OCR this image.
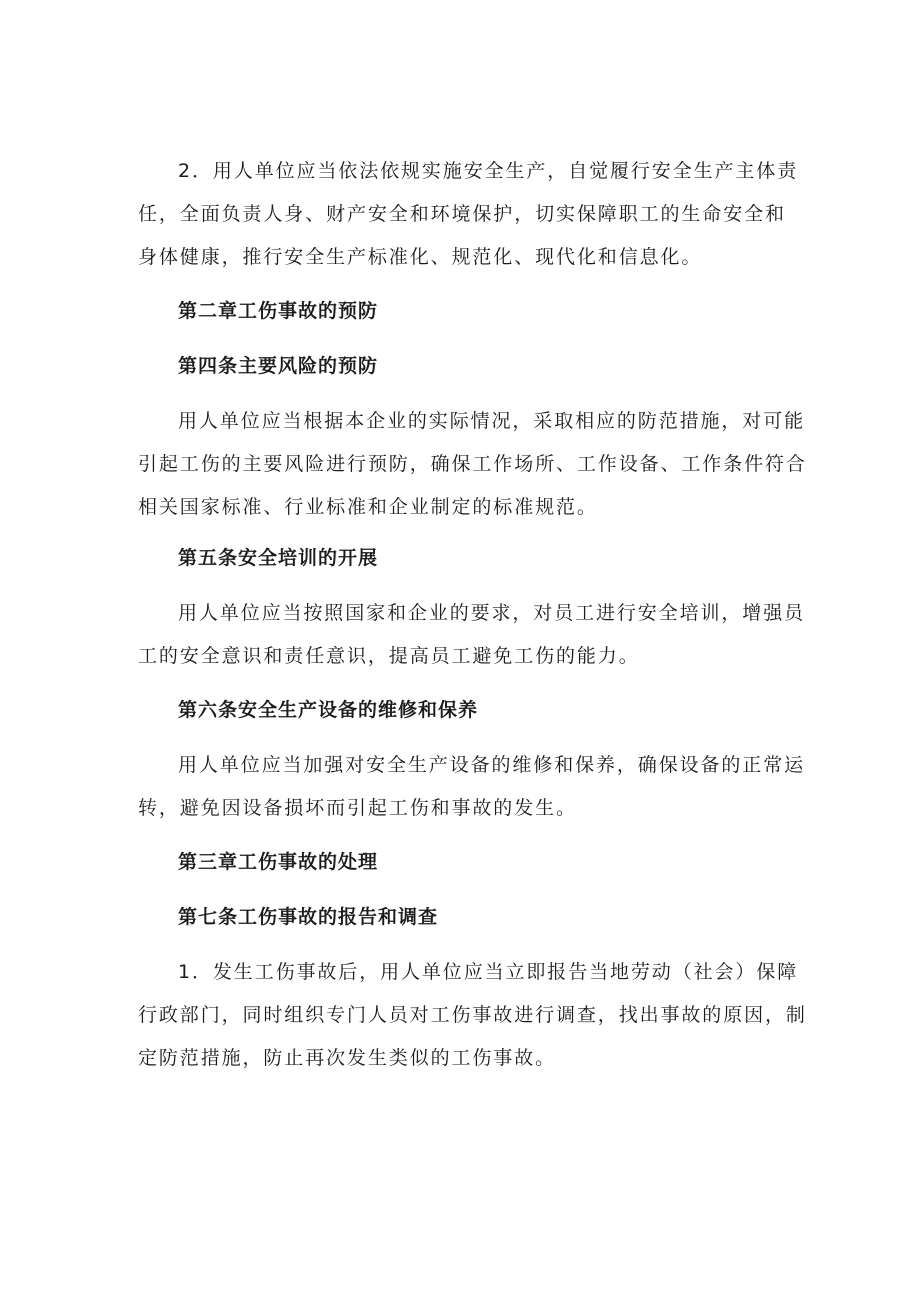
2．用人单位应当依法依规实施安全生产，自觉履行安全生产主体责
任，全面负责人身、财产安全和环境保护，切实保障职工的生命安全和
身体健康，推行安全生产标准化、规范化、现代化和信息化。
第二章工伤事故的预防
第四条主要风险的预防
用人单位应当根据本企业的实际情况，采取相应的防范措施，对可能
引起工伤的主要风险进行预防，确保工作场所、工作设备、工作条件符合
相关国家标准、行业标准和企业制定的标准规范。
第五条安全培训的开展
用人单位应当按照国家和企业的要求，对员工进行安全培训，增强员
工的安全意识和责任意识，提高员工避免工伤的能力。
第六条安全生产设备的维修和保养
用人单位应当加强对安全生产设备的维修和保养，确保设备的正常运
转，避免因设备损坏而引起工伤和事故的发生。
第三章工伤事故的处理
第七条工伤事故的报告和调查
1．发生工伤事故后，用人单位应当立即报告当地劳动（社会）保障
行政部门，同时组织专门人员对工伤事故进行调查，找出事故的原因，制
定防范措施，防止再次发生类似的工伤事故。
